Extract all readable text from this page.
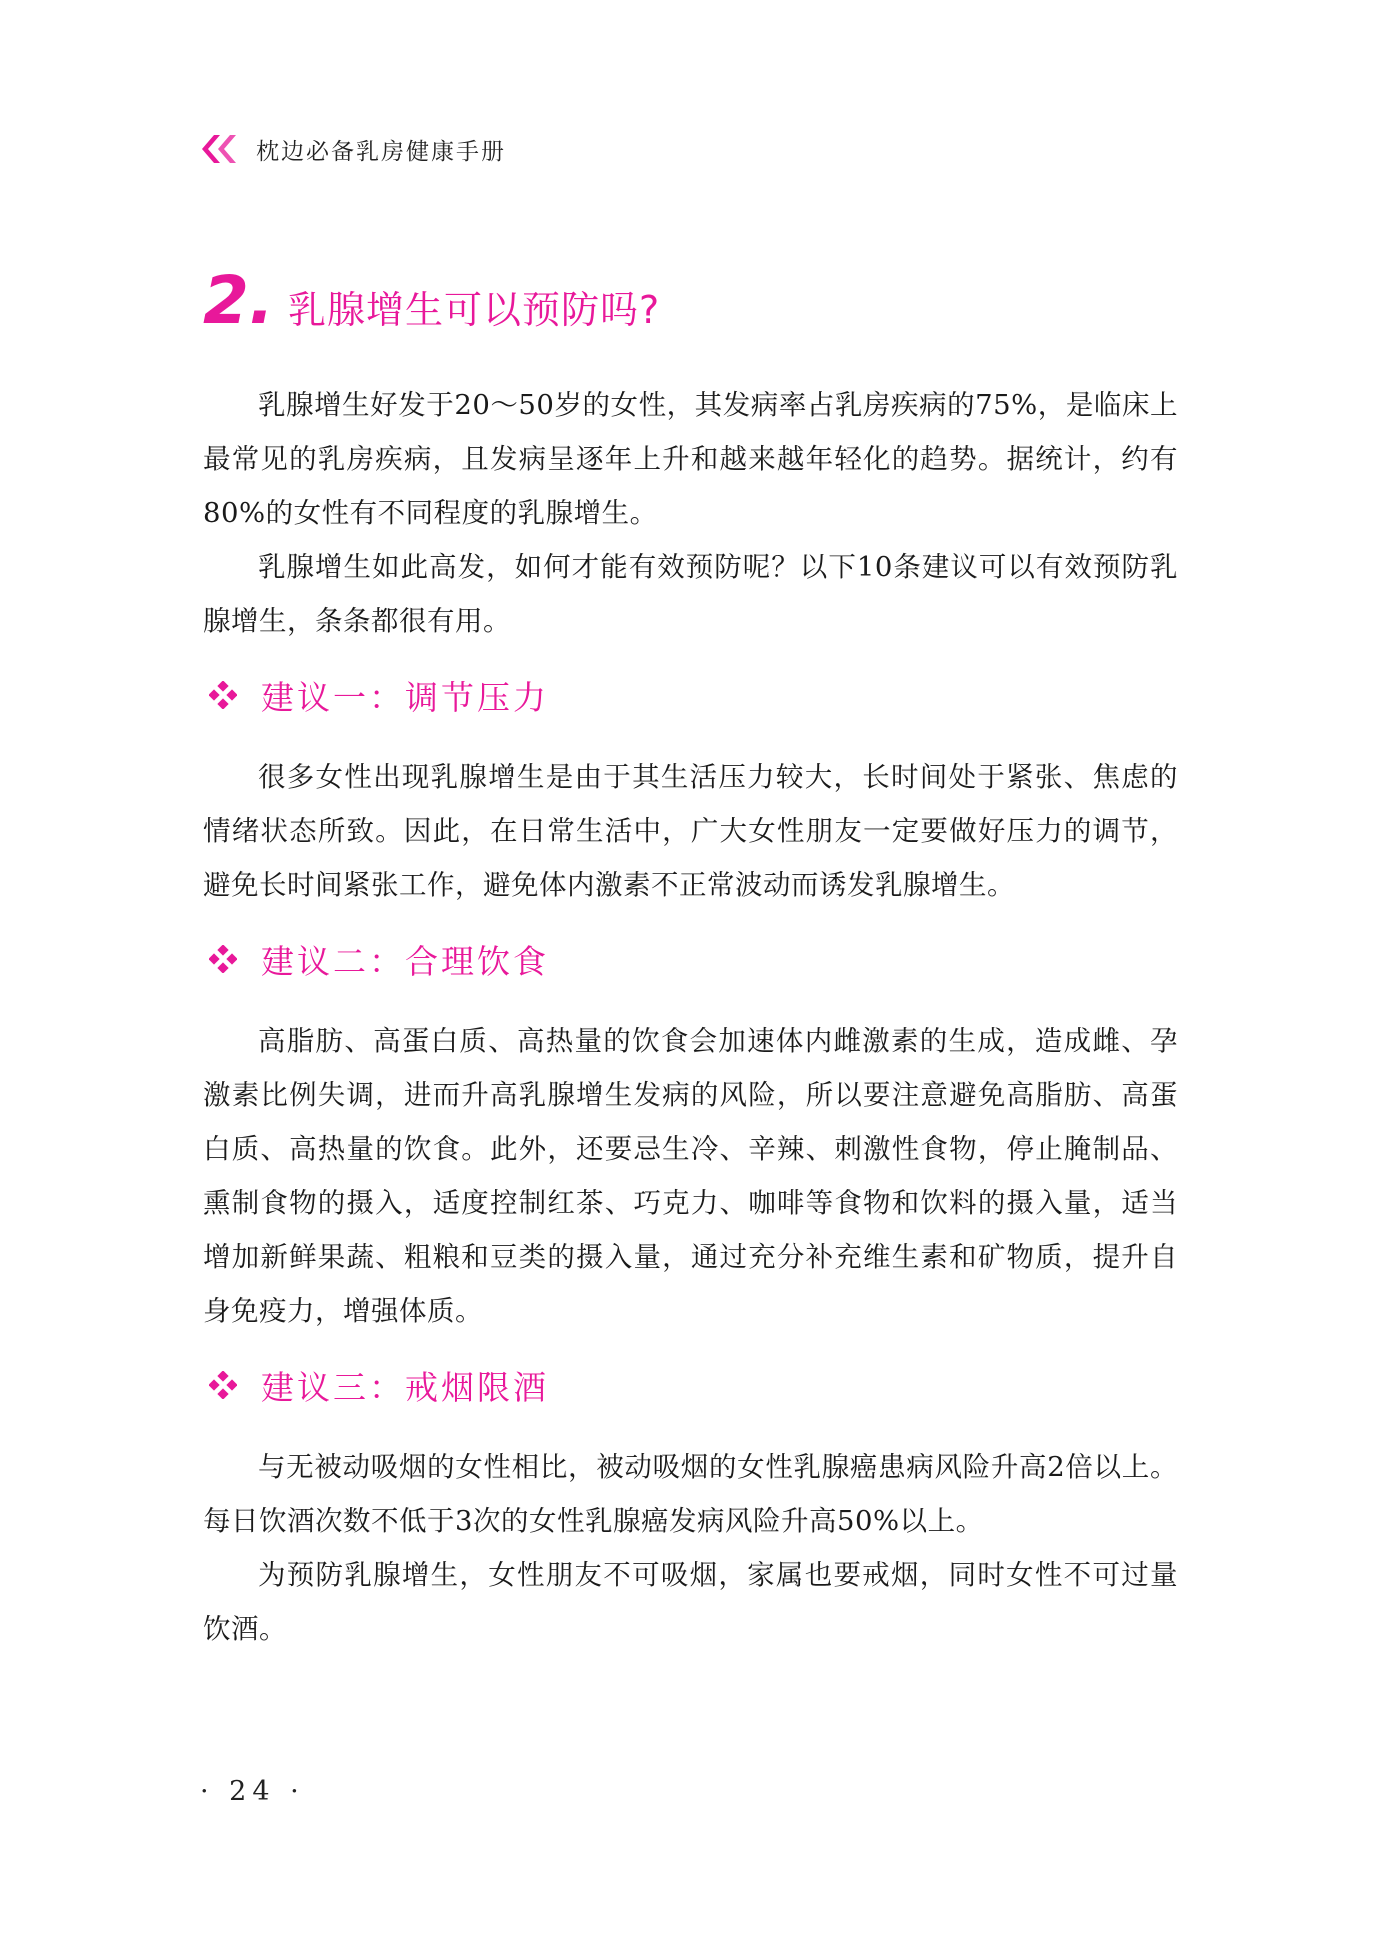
枕边必备乳房健康手册
2. 乳腺增生可以预防吗?

乳腺增生好发于20～50岁的女性，其发病率占乳房疾病的75%，是临床上最常见的乳房疾病，且发病呈逐年上升和越来越年轻化的趋势。据统计，约有80%的女性有不同程度的乳腺增生。

乳腺增生如此高发，如何才能有效预防呢？以下10条建议可以有效预防乳腺增生，条条都很有用。

建议一：调节压力

很多女性出现乳腺增生是由于其生活压力较大，长时间处于紧张、焦虑的情绪状态所致。因此，在日常生活中，广大女性朋友一定要做好压力的调节，避免长时间紧张工作，避免体内激素不正常波动而诱发乳腺增生。

建议二：合理饮食

高脂肪、高蛋白质、高热量的饮食会加速体内雌激素的生成，造成雌、孕激素比例失调，进而升高乳腺增生发病的风险，所以要注意避免高脂肪、高蛋白质、高热量的饮食。此外，还要忌生冷、辛辣、刺激性食物，停止腌制品、熏制食物的摄入，适度控制红茶、巧克力、咖啡等食物和饮料的摄入量，适当增加新鲜果蔬、粗粮和豆类的摄入量，通过充分补充维生素和矿物质，提升自身免疫力，增强体质。

建议三：戒烟限酒

与无被动吸烟的女性相比，被动吸烟的女性乳腺癌患病风险升高2倍以上。每日饮酒次数不低于3次的女性乳腺癌发病风险升高50%以上。

为预防乳腺增生，女性朋友不可吸烟，家属也要戒烟，同时女性不可过量饮酒。

· 24 ·
